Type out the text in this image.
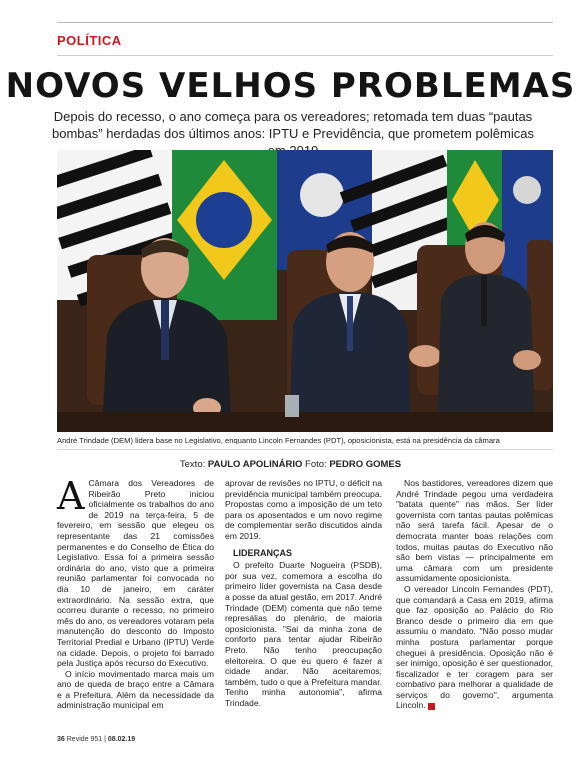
POLÍTICA
NOVOS VELHOS PROBLEMAS
Depois do recesso, o ano começa para os vereadores; retomada tem duas “pautas bombas” herdadas dos últimos anos: IPTU e Previdência, que prometem polêmicas
André Trindade (DEM) lidera base no Legislativo, enquanto Lincoln Fernandes (PDT), oposicionista, está na presidência da câmara
Texto: PAULO APOLINÁRIO Foto: PEDRO GOMES

A Câmara dos Vereadores de Ribeirão Preto iniciou oficialmente os trabalhos do ano de 2019 na terça-feira, 5 de fevereiro, em sessão que elegeu os representante das 21 comissões permanentes e do Conselho de Ética do Legislativo. Essa foi a primeira sessão ordinária do ano, visto que a primeira reunião parlamentar foi convocada no dia 10 de janeiro, em caráter extraordinário. Na sessão extra, que ocorreu durante o recesso, no primeiro mês do ano, os vereadores votaram pela manutenção do desconto do Imposto Territorial Predial e Urbano (IPTU) Verde na cidade. Depois, o projeto foi barrado pela Justiça após recurso do Executivo.

O início movimentado marca mais um ano de queda de braço entre a Câmara e a Prefeitura. Além da necessidade da administração municipal em

aprovar de revisões no IPTU, o déficit na previdência municipal também preocupa. Propostas como a imposição de um teto para os aposentados e um novo regime de complementar serão discutidos ainda em 2019.

LIDERANÇAS

O prefeito Duarte Nogueira (PSDB), por sua vez, comemora a escolha do primeiro líder governista na Casa desde a posse da atual gestão, em 2017. André Trindade (DEM) comenta que não teme represálias do plenário, de maioria oposicionista. "Sai da minha zona de conforto para tentar ajudar Ribeirão Preto. Não tenho preocupação eleitoreira. O que eu quero é fazer a cidade andar. Não aceitaremos, também, tudo o que a Prefeitura mandar. Tenho minha autonomia", afirma Trindade.

Nos bastidores, vereadores dizem que André Trindade pegou uma verdadeira "batata quente" nas mãos. Ser líder governista com tantas pautas polêmicas não será tarefa fácil. Apesar de o democrata manter boas relações com todos, muitas pautas do Executivo não são bem vistas — principalmente em uma câmara com um presidente assumidamente oposicionista.

O vereador Lincoln Fernandes (PDT), que comandará a Casa em 2019, afirma que faz oposição ao Palácio do Rio Branco desde o primeiro dia em que assumiu o mandato. "Não posso mudar minha postura parlamentar porque cheguei à presidência. Oposição não é ser inimigo, oposição é ser questionador, fiscalizador e ter coragem para ser combativo para melhorar a qualidade de serviços do governo", argumenta Lincoln.

36 Revide 951 | 08.02.19
